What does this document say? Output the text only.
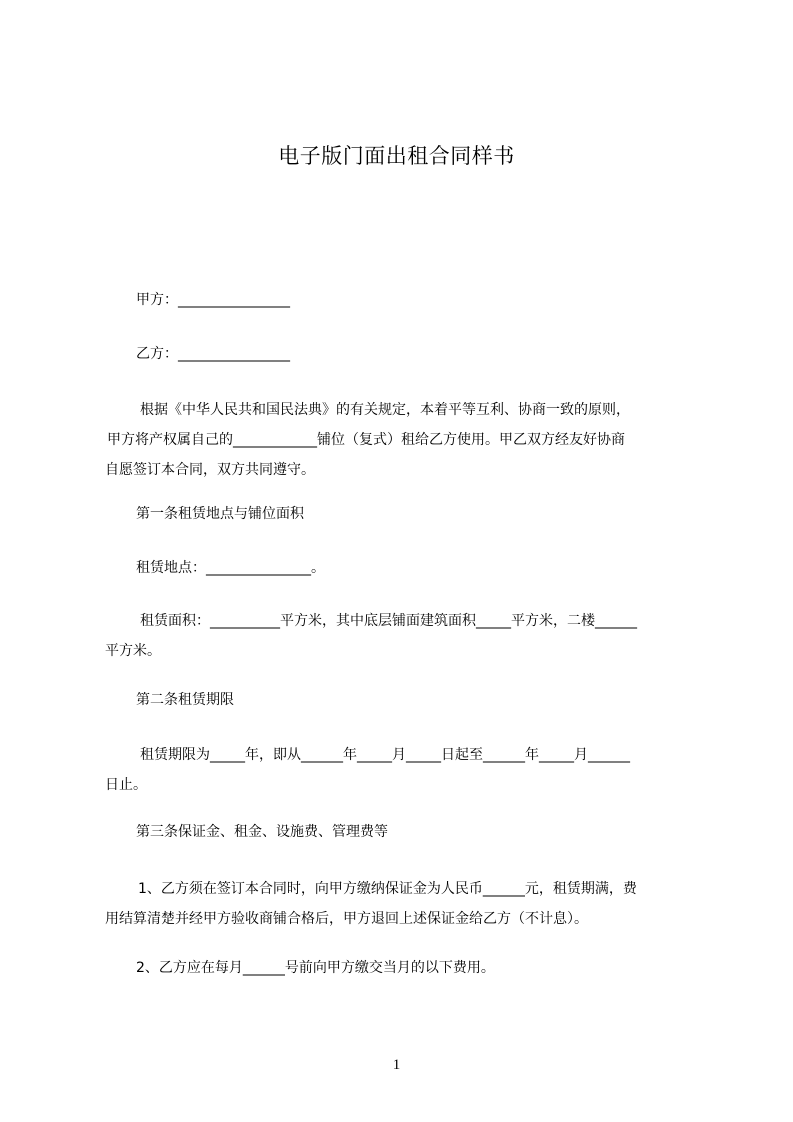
电子版门面出租合同样书
甲方：________________
乙方：________________
根据《中华人民共和国民法典》的有关规定，本着平等互利、协商一致的原则，
甲方将产权属自己的____________铺位（复式）租给乙方使用。甲乙双方经友好协商
自愿签订本合同，双方共同遵守。
第一条租赁地点与铺位面积
租赁地点：_______________。
租赁面积：__________平方米，其中底层铺面建筑面积_____平方米，二楼______
平方米。
第二条租赁期限
租赁期限为_____年，即从______年_____月_____日起至______年_____月______
日止。
第三条保证金、租金、设施费、管理费等
1、乙方须在签订本合同时，向甲方缴纳保证金为人民币______元，租赁期满，费
用结算清楚并经甲方验收商铺合格后，甲方退回上述保证金给乙方（不计息）。
2、乙方应在每月______号前向甲方缴交当月的以下费用。
1
